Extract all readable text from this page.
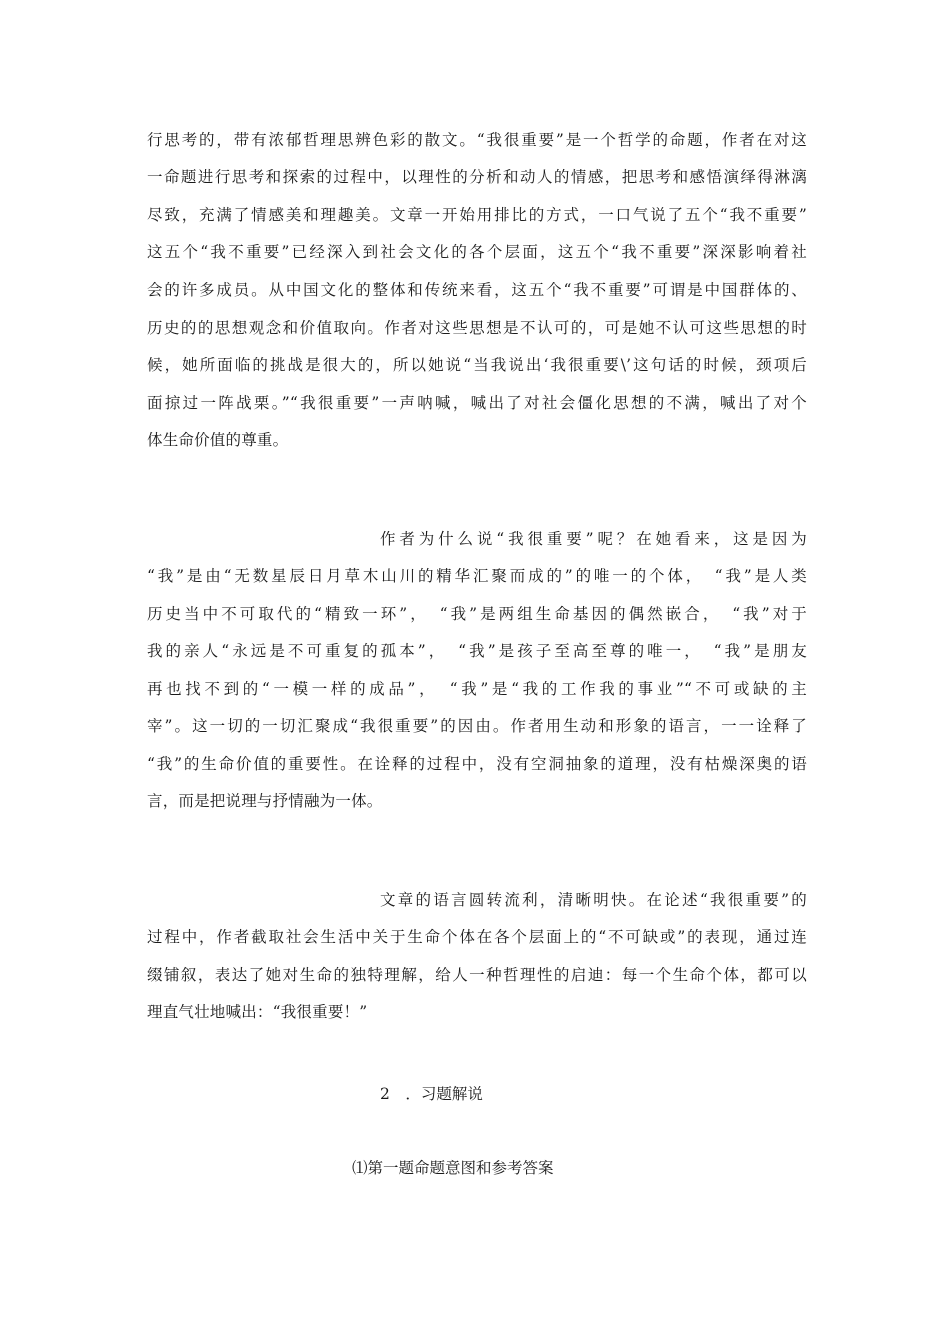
行思考的，带有浓郁哲理思辨色彩的散文。“我很重要”是一个哲学的命题，作者在对这
一命题进行思考和探索的过程中，以理性的分析和动人的情感，把思考和感悟演绎得淋漓
尽致，充满了情感美和理趣美。文章一开始用排比的方式，一口气说了五个“我不重要”
这五个“我不重要”已经深入到社会文化的各个层面，这五个“我不重要”深深影响着社
会的许多成员。从中国文化的整体和传统来看，这五个“我不重要”可谓是中国群体的、
历史的的思想观念和价值取向。作者对这些思想是不认可的，可是她不认可这些思想的时
候，她所面临的挑战是很大的，所以她说“当我说出‘我很重要\’这句话的时候，颈项后
面掠过一阵战栗。”“我很重要”一声呐喊，喊出了对社会僵化思想的不满，喊出了对个
体生命价值的尊重。
作者为什么说“我很重要”呢？在她看来，这是因为
“我”是由“无数星辰日月草木山川的精华汇聚而成的”的唯一的个体，　“我”是人类
历史当中不可取代的“精致一环”，　“我”是两组生命基因的偶然嵌合，　“我”对于
我的亲人“永远是不可重复的孤本”，　“我”是孩子至高至尊的唯一，　“我”是朋友
再也找不到的“一模一样的成品”，　“我”是“我的工作我的事业”“不可或缺的主
宰”。这一切的一切汇聚成“我很重要”的因由。作者用生动和形象的语言，一一诠释了
“我”的生命价值的重要性。在诠释的过程中，没有空洞抽象的道理，没有枯燥深奥的语
言，而是把说理与抒情融为一体。
文章的语言圆转流利，清晰明快。在论述“我很重要”的
过程中，作者截取社会生活中关于生命个体在各个层面上的“不可缺或”的表现，通过连
缀铺叙，表达了她对生命的独特理解，给人一种哲理性的启迪：每一个生命个体，都可以
理直气壮地喊出：“我很重要！”
2　．习题解说
⑴第一题命题意图和参考答案
